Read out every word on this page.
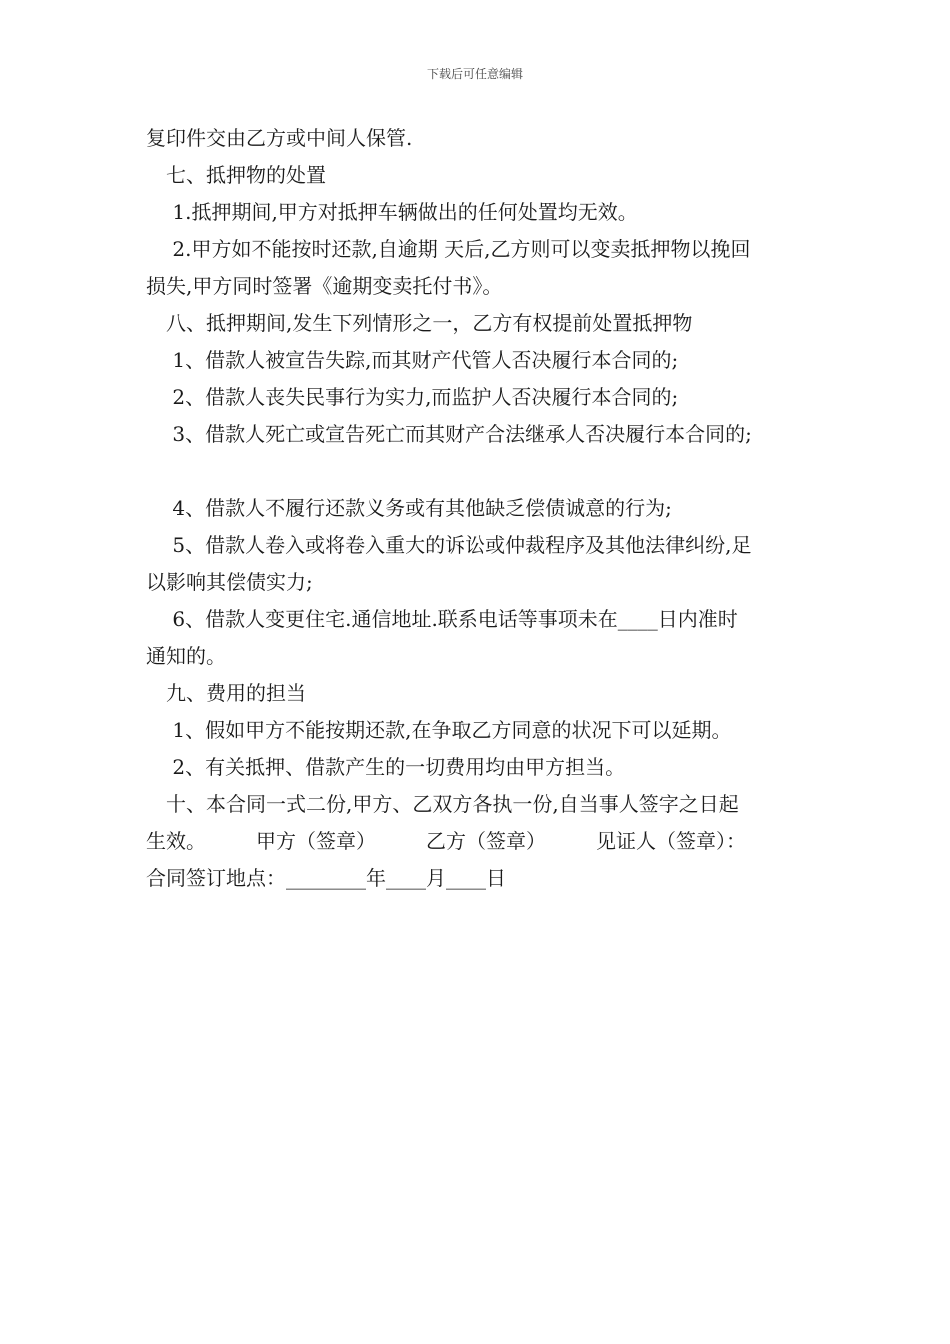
下载后可任意编辑
复印件交由乙方或中间人保管.
　七、抵押物的处置
　 1.抵押期间,甲方对抵押车辆做出的任何处置均无效。
　 2.甲方如不能按时还款,自逾期 天后,乙方则可以变卖抵押物以挽回
损失,甲方同时签署《逾期变卖托付书》。
　八、抵押期间,发生下列情形之一，乙方有权提前处置抵押物
　 1、借款人被宣告失踪,而其财产代管人否决履行本合同的;
　 2、借款人丧失民事行为实力,而监护人否决履行本合同的;
　 3、借款人死亡或宣告死亡而其财产合法继承人否决履行本合同的;
　 4、借款人不履行还款义务或有其他缺乏偿债诚意的行为;
　 5、借款人卷入或将卷入重大的诉讼或仲裁程序及其他法律纠纷,足
以影响其偿债实力;
　 6、借款人变更住宅.通信地址.联系电话等事项未在____日内准时
通知的。
　九、费用的担当
　 1、假如甲方不能按期还款,在争取乙方同意的状况下可以延期。
　 2、有关抵押、借款产生的一切费用均由甲方担当。
　十、本合同一式二份,甲方、乙双方各执一份,自当事人签字之日起
生效。　　　甲方（签章）　　　乙方（签章）　　　见证人（签章）：
合同签订地点：________年____月____日
